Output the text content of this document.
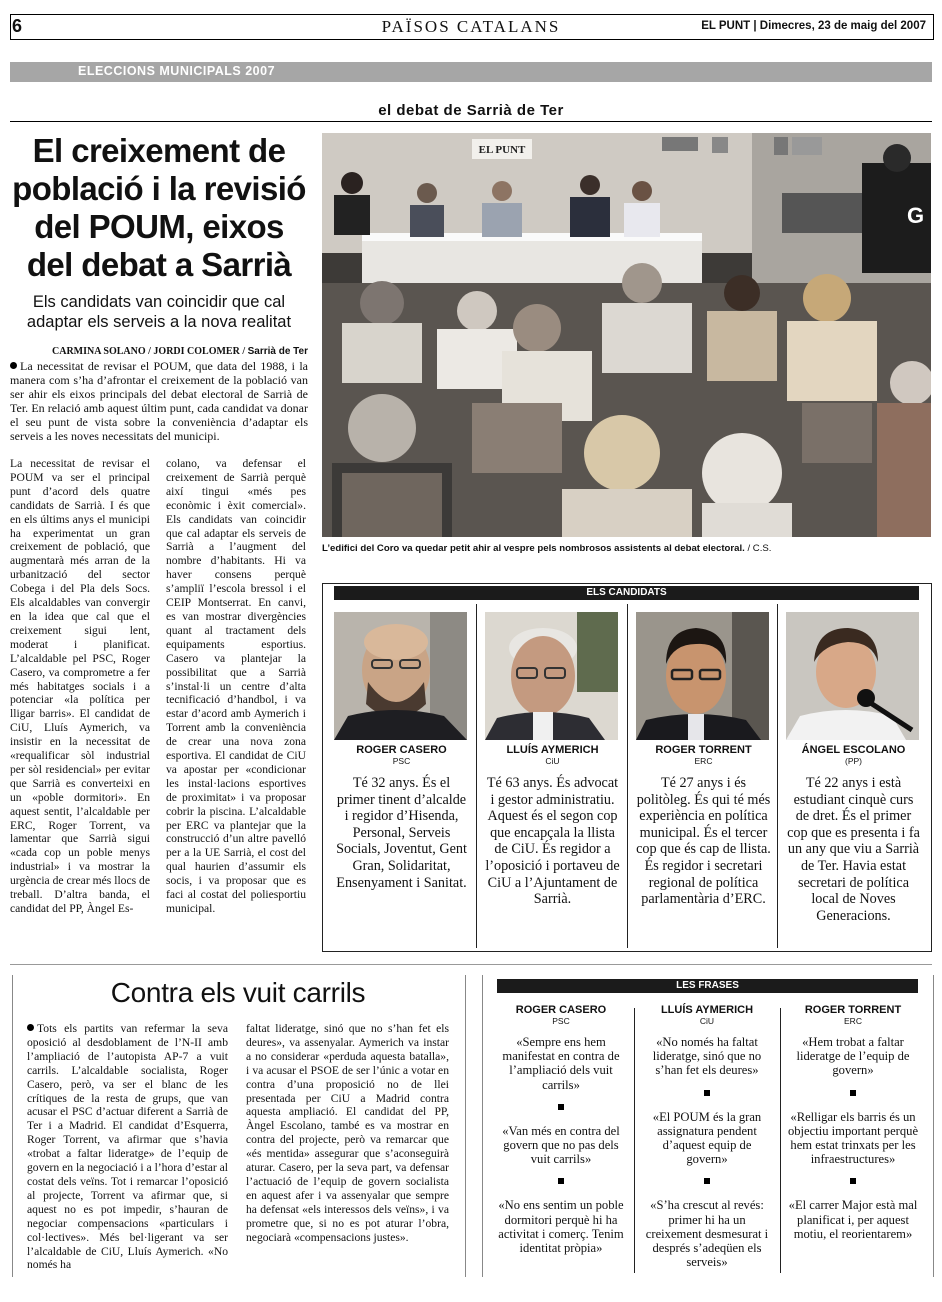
6	PAÏSOS CATALANS	EL PUNT | Dimecres, 23 de maig del 2007
ELECCIONS MUNICIPALS 2007
el debat de Sarrià de Ter
El creixement de població i la revisió del POUM, eixos del debat a Sarrià
Els candidats van coincidir que cal adaptar els serveis a la nova realitat
CARMINA SOLANO / JORDI COLOMER / Sarrià de Ter
La necessitat de revisar el POUM, que data del 1988, i la manera com s’ha d’afrontar el creixement de la població van ser ahir els eixos principals del debat electoral de Sarrià de Ter. En relació amb aquest últim punt, cada candidat va donar el seu punt de vista sobre la conveniència d’adaptar els serveis a les noves necessitats del municipi.
La necessitat de revisar el POUM va ser el principal punt d’acord dels quatre candidats de Sarrià. I és que en els últims anys el municipi ha experimentat un gran creixement de població, que augmentarà més arran de la urbanització del sector Cobega i del Pla dels Socs. Els alcaldables van convergir en la idea que cal que el creixement sigui lent, moderat i planificat. L’alcaldable pel PSC, Roger Casero, va comprometre a fer més habitatges socials i a potenciar «la política per lligar barris». El candidat de CiU, Lluís Aymerich, va insistir en la necessitat de «requalificar sòl industrial per sòl residencial» per evitar que Sarrià es converteixi en un «poble dormitori». En aquest sentit, l’alcaldable per ERC, Roger Torrent, va lamentar que Sarrià sigui «cada cop un poble menys industrial» i va mostrar la urgència de crear més llocs de treball. D’altra banda, el candidat del PP, Àngel Es-
colano, va defensar el creixement de Sarrià perquè així tingui «més pes econòmic i èxit comercial». Els candidats van coincidir que cal adaptar els serveis de Sarrià a l’augment del nombre d’habitants. Hi va haver consens perquè s’ampliï l’escola bressol i el CEIP Montserrat. En canvi, es van mostrar divergències quant al tractament dels equipaments esportius. Casero va plantejar la possibilitat que a Sarrià s’instal·li un centre d’alta tecnificació d’handbol, i va estar d’acord amb Aymerich i Torrent amb la conveniència de crear una nova zona esportiva. El candidat de CiU va apostar per «condicionar les instal·lacions esportives de proximitat» i va proposar cobrir la piscina. L’alcaldable per ERC va plantejar que la construcció d’un altre pavelló per a la UE Sarrià, el cost del qual haurien d’assumir els socis, i va proposar que es faci al costat del poliesportiu municipal.
EL PUNT
G
L’edifici del Coro va quedar petit ahir al vespre pels nombrosos assistents al debat electoral. / C.S.
ELS CANDIDATS
ROGER CASERO
PSC
Té 32 anys. És el primer tinent d’alcalde i regidor d’Hisenda, Personal, Serveis Socials, Joventut, Gent Gran, Solidaritat, Ensenyament i Sanitat.
LLUÍS AYMERICH
CiU
Té 63 anys. És advocat i gestor administratiu. Aquest és el segon cop que encapçala la llista de CiU. És regidor a l’oposició i portaveu de CiU a l’Ajuntament de Sarrià.
ROGER TORRENT
ERC
Té 27 anys i és politòleg. És qui té més experiència en política municipal. És el tercer cop que és cap de llista. És regidor i secretari regional de política parlamentària d’ERC.
ÁNGEL ESCOLANO
(PP)
Té 22 anys i està estudiant cinquè curs de dret. És el primer cop que es presenta i fa un any que viu a Sarrià de Ter. Havia estat secretari de política local de Noves Generacions.
Contra els vuit carrils
Tots els partits van refermar la seva oposició al desdoblament de l’N-II amb l’ampliació de l’autopista AP-7 a vuit carrils. L’alcaldable socialista, Roger Casero, però, va ser el blanc de les crítiques de la resta de grups, que van acusar el PSC d’actuar diferent a Sarrià de Ter i a Madrid. El candidat d’Esquerra, Roger Torrent, va afirmar que s’havia «trobat a faltar lideratge» de l’equip de govern en la negociació i a l’hora d’estar al costat dels veïns. Tot i remarcar l’oposició al projecte, Torrent va afirmar que, si aquest no es pot impedir, s’hauran de negociar compensacions «particulars i col·lectives». Més bel·ligerant va ser l’alcaldable de CiU, Lluís Aymerich. «No només ha
faltat lideratge, sinó que no s’han fet els deures», va assenyalar. Aymerich va instar a no considerar «perduda aquesta batalla», i va acusar el PSOE de ser l’únic a votar en contra d’una proposició no de llei presentada per CiU a Madrid contra aquesta ampliació. El candidat del PP, Àngel Escolano, també es va mostrar en contra del projecte, però va remarcar que «és mentida» assegurar que s’aconseguirà aturar. Casero, per la seva part, va defensar l’actuació de l’equip de govern socialista en aquest afer i va assenyalar que sempre ha defensat «els interessos dels veïns», i va prometre que, si no es pot aturar l’obra, negociarà «compensacions justes».
LES FRASES
ROGER CASERO
PSC
«Sempre ens hem manifestat en contra de l’ampliació dels vuit carrils»
«Van més en contra del govern que no pas dels vuit carrils»
«No ens sentim un poble dormitori perquè hi ha activitat i comerç. Tenim identitat pròpia»
LLUÍS AYMERICH
CiU
«No només ha faltat lideratge, sinó que no s’han fet els deures»
«El POUM és la gran assignatura pendent d’aquest equip de govern»
«S’ha crescut al revés: primer hi ha un creixement desmesurat i després s’adeqüen els serveis»
ROGER TORRENT
ERC
«Hem trobat a faltar lideratge de l’equip de govern»
«Relligar els barris és un objectiu important perquè hem estat trinxats per les infraestructures»
«El carrer Major està mal planificat i, per aquest motiu, el reorientarem»
